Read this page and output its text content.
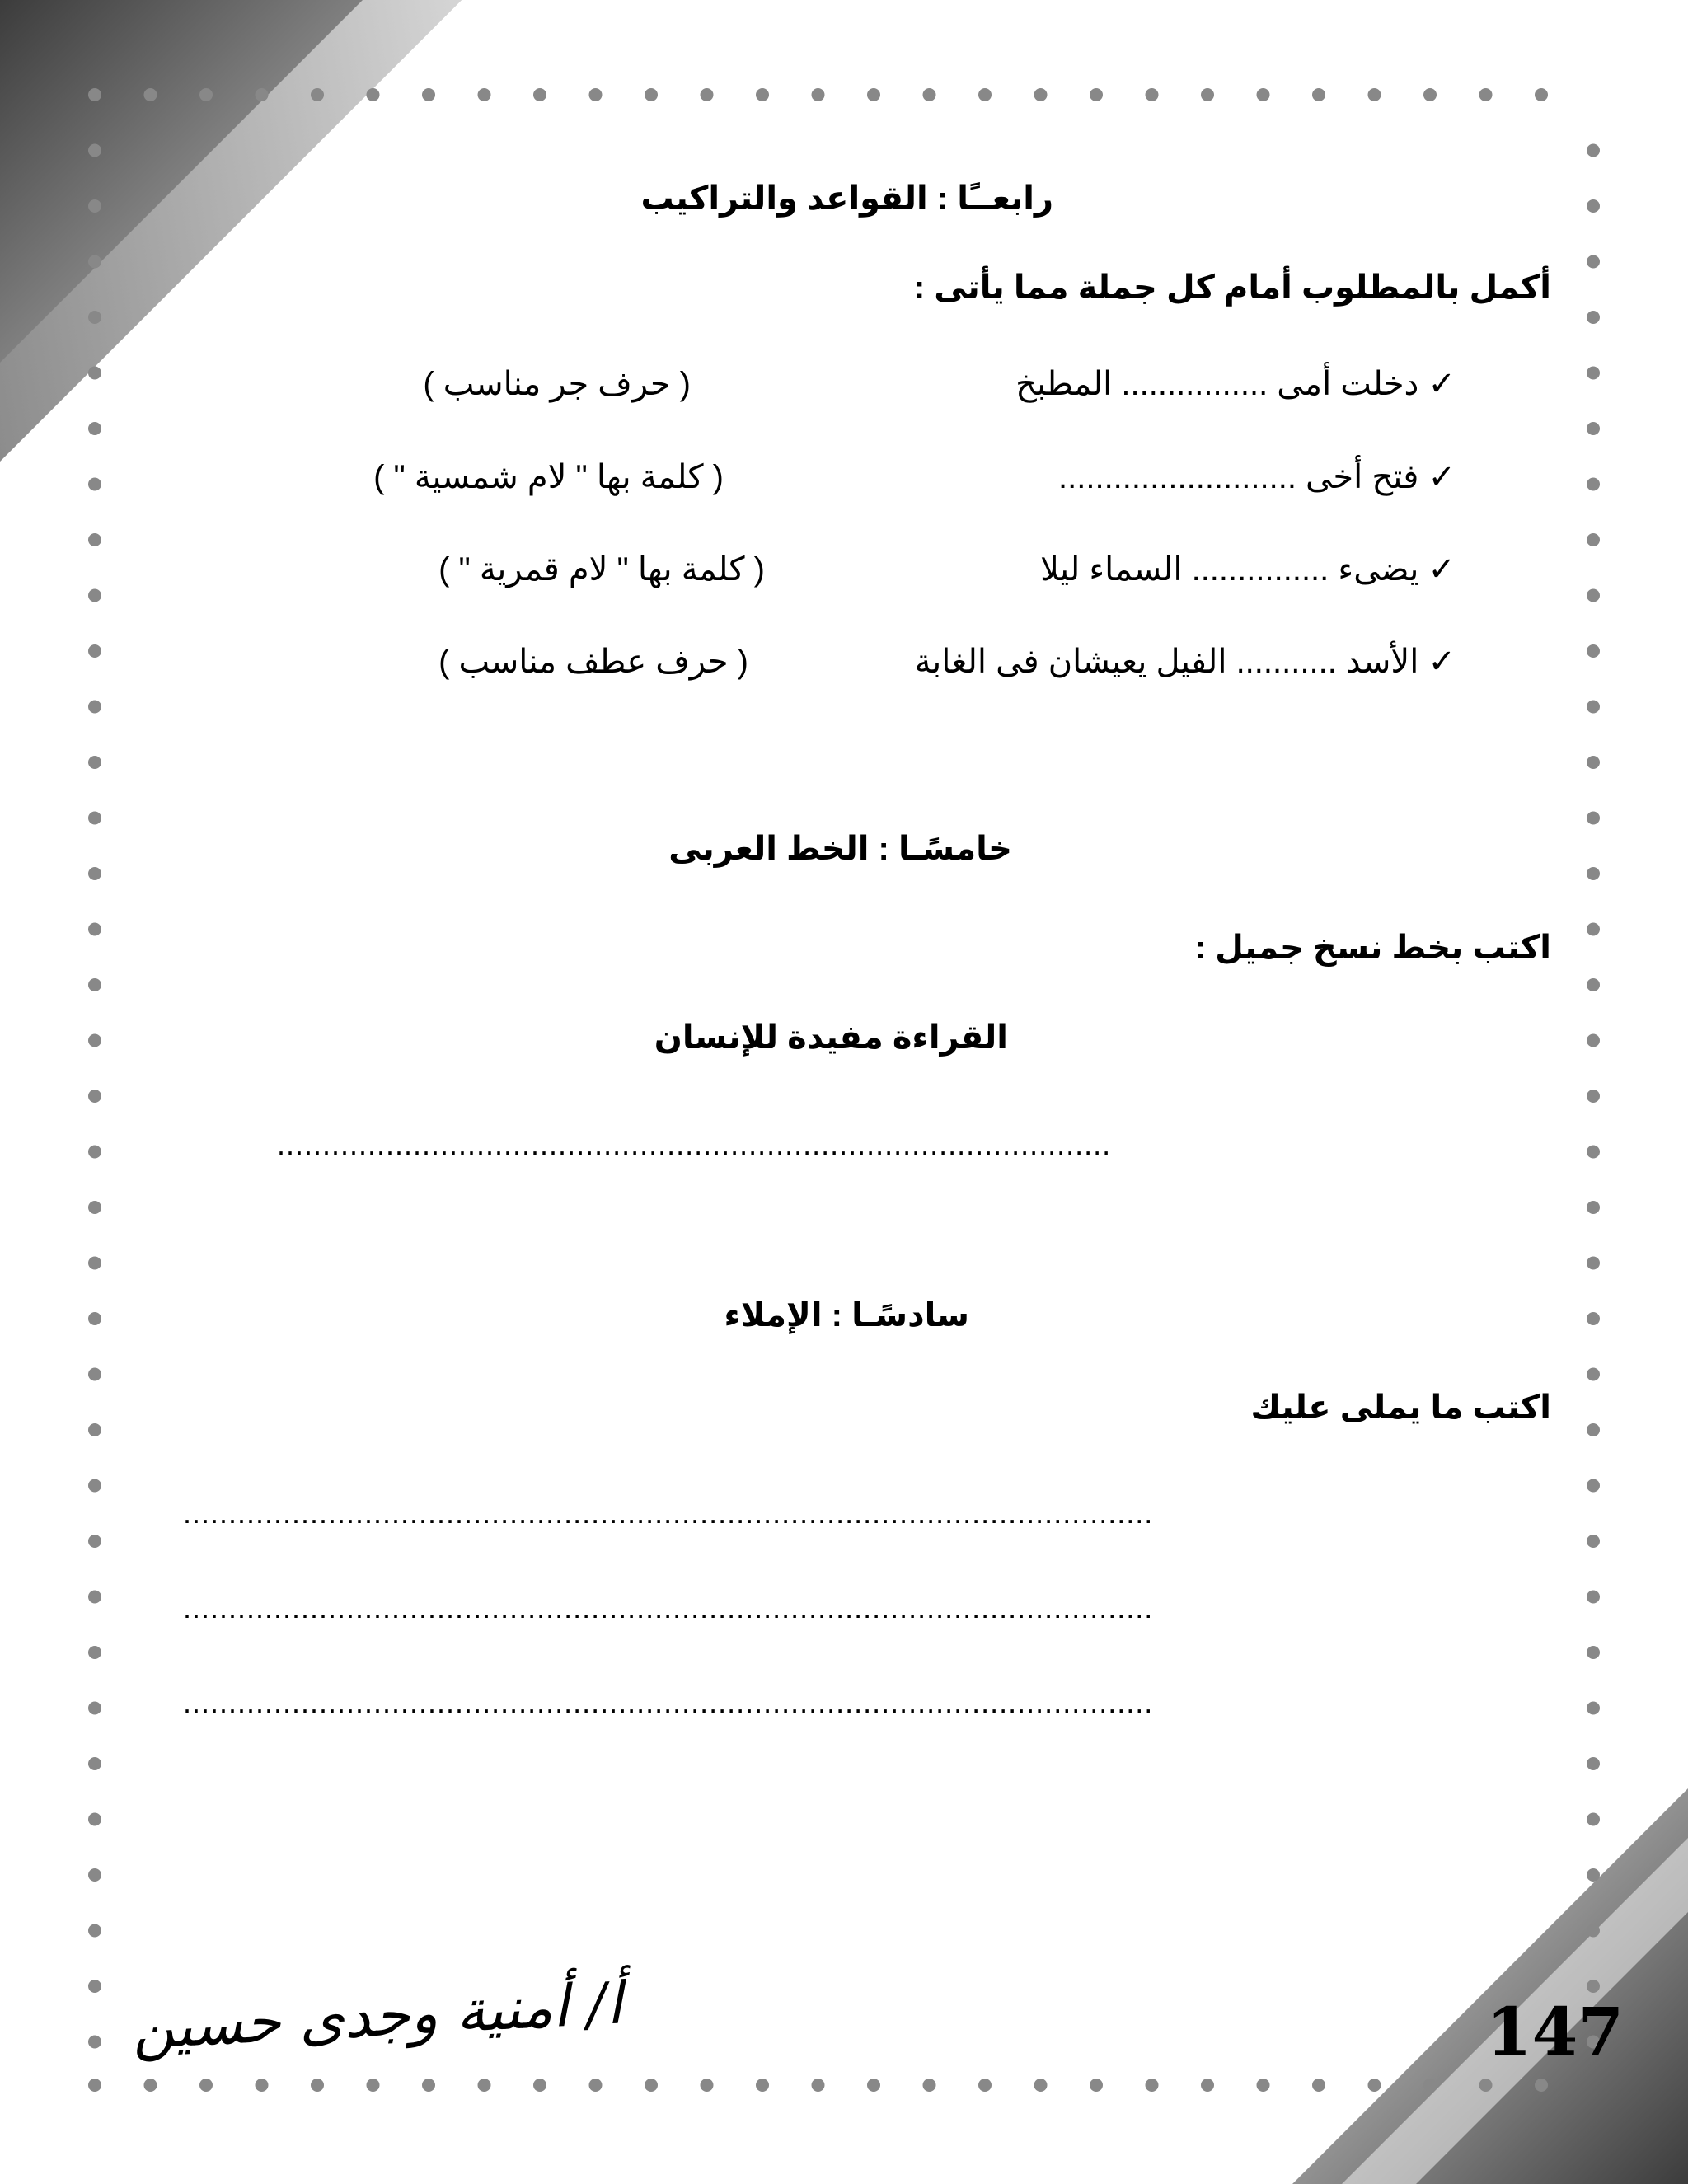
رابعــًا : القواعد والتراكيب
أكمل بالمطلوب أمام كل جملة مما يأتى :
✓ دخلت أمى ................ المطبخ
( حرف جر مناسب )
✓ فتح أخى ..........................
( كلمة بها " لام شمسية " )
✓ يضىء ............... السماء ليلا
( كلمة بها " لام قمرية " )
✓ الأسد ........... الفيل يعيشان فى الغابة
( حرف عطف مناسب )
خامسًـا : الخط العربى
اكتب بخط نسخ جميل :
القراءة مفيدة للإنسان
............................................................................................
سادسًـا : الإملاء
اكتب ما يملى عليك
...........................................................................................................
...........................................................................................................
...........................................................................................................
147
أ/ أمنية وجدى حسين
